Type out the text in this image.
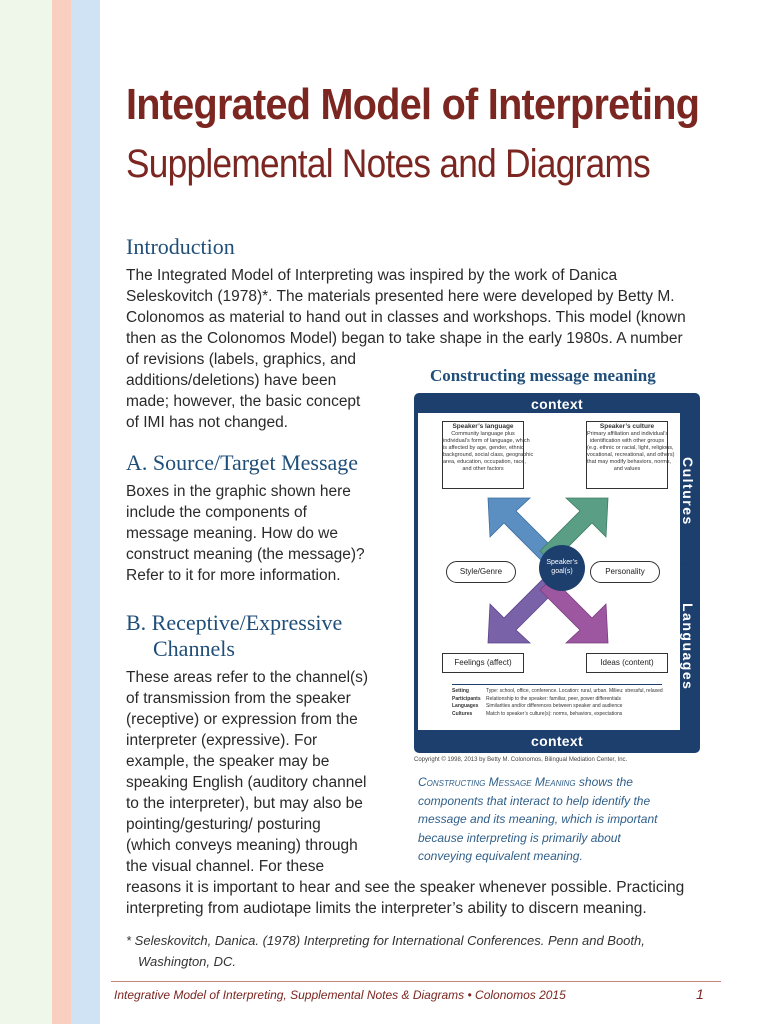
Integrated Model of Interpreting
Supplemental Notes and Diagrams
Introduction
The Integrated Model of Interpreting was inspired by the work of Danica
Seleskovitch (1978)*. The materials presented here were developed by Betty M.
Colonomos as material to hand out in classes and workshops. This model (known
then as the Colonomos Model) began to take shape in the early 1980s. A number
of revisions (labels, graphics, and
additions/deletions) have been
made; however, the basic concept
of IMI has not changed.
A. Source/Target Message
Boxes in the graphic shown here
include the components of
message meaning. How do we
construct meaning (the message)?
Refer to it for more information.
B. Receptive/Expressive
Channels
These areas refer to the channel(s)
of transmission from the speaker
(receptive) or expression from the
interpreter (expressive). For
example, the speaker may be
speaking English (auditory channel
to the interpreter), but may also be
pointing/gesturing/ posturing
(which conveys meaning) through
the visual channel. For these
reasons it is important to hear and see the speaker whenever possible. Practicing
interpreting from audiotape limits the interpreter’s ability to discern meaning.
Constructing message meaning
context
context
Cultures
Languages
Speaker’s language
Community language plus
individual’s form of language, which
is affected by age, gender, ethnic
background, social class, geographic
area, education, occupation, race,
and other factors
Speaker’s culture
Primary affiliation and individual’s
identification with other groups
(e.g. ethnic or racial, light, religious,
vocational, recreational, and others)
that may modify behaviors, norms,
and values
Style/Genre	Personality
Speaker’s
goal(s)
Feelings (affect)	Ideas (content)
Setting	Type: school, office, conference. Location: rural, urban. Milieu: stressful, relaxed
Participants Relationship to the speaker: familiar, peer, power differentials
Languages Similarities and/or differences between speaker and audience
Cultures	Match to speaker’s culture(s): norms, behaviors, expectations
Copyright © 1998, 2013 by Betty M. Colonomos, Bilingual Mediation Center, Inc.
Constructing Message Meaning shows the
components that interact to help identify the
message and its meaning, which is important
because interpreting is primarily about
conveying equivalent meaning.
* Seleskovitch, Danica. (1978) Interpreting for International Conferences. Penn and Booth,
Washington, DC.
Integrative Model of Interpreting, Supplemental Notes & Diagrams • Colonomos 2015	1
